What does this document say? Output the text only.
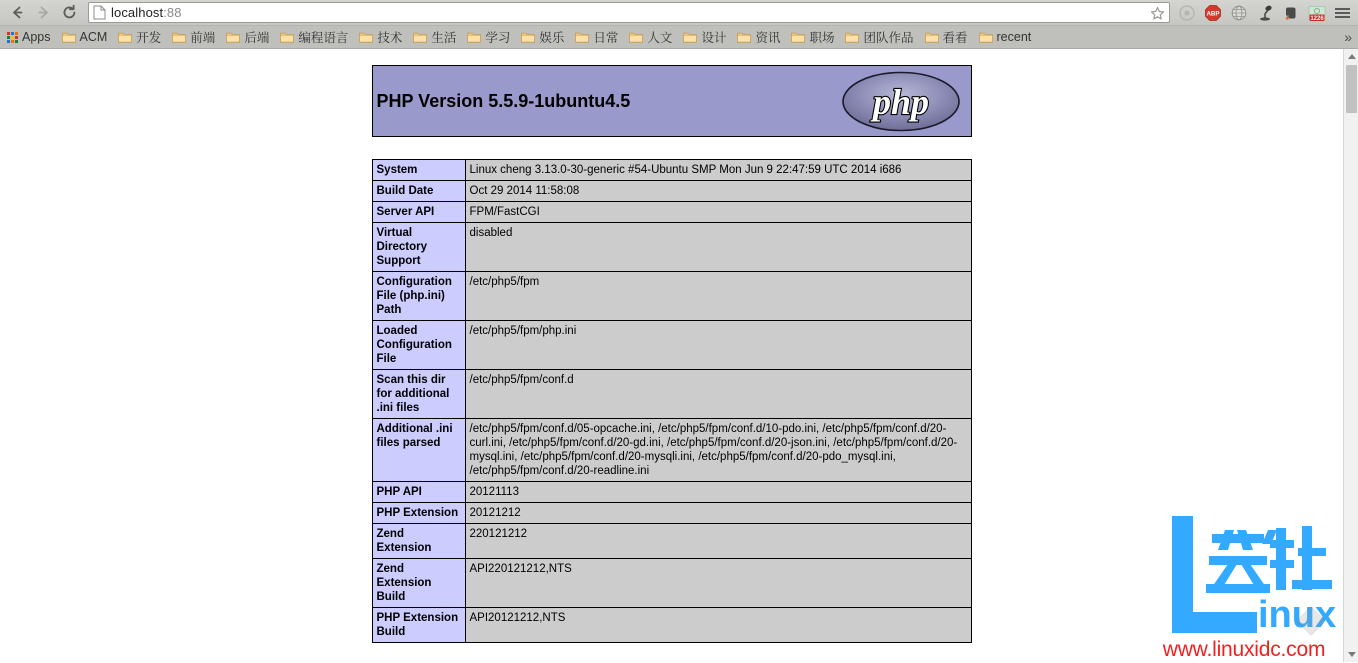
localhost:88	ABP
1226
Apps ACM 开发 前端 后端 编程语言 技术 生活 学习 娱乐 日常 人文 设计 资讯 职场 团队作品 看看 recent	»
PHP Version 5.5.9-1ubuntu4.5	php
System	Linux cheng 3.13.0-30-generic #54-Ubuntu SMP Mon Jun 9 22:47:59 UTC 2014 i686
Build Date	Oct 29 2014 11:58:08
Server API	FPM/FastCGI
Virtual Directory Support	disabled
Configuration File (php.ini) Path	/etc/php5/fpm
Loaded Configuration File	/etc/php5/fpm/php.ini
Scan this dir for additional .ini files	/etc/php5/fpm/conf.d
Additional .ini files parsed	/etc/php5/fpm/conf.d/05-opcache.ini, /etc/php5/fpm/conf.d/10-pdo.ini, /etc/php5/fpm/conf.d/20-curl.ini, /etc/php5/fpm/conf.d/20-gd.ini, /etc/php5/fpm/conf.d/20-json.ini, /etc/php5/fpm/conf.d/20-mysql.ini, /etc/php5/fpm/conf.d/20-mysqli.ini, /etc/php5/fpm/conf.d/20-pdo_mysql.ini, /etc/php5/fpm/conf.d/20-readline.ini
PHP API	20121113
PHP Extension	20121212
Zend Extension	220121212
Zend Extension Build	API220121212,NTS
PHP Extension Build	API20121212,NTS	inux
www.linuxidc.com
